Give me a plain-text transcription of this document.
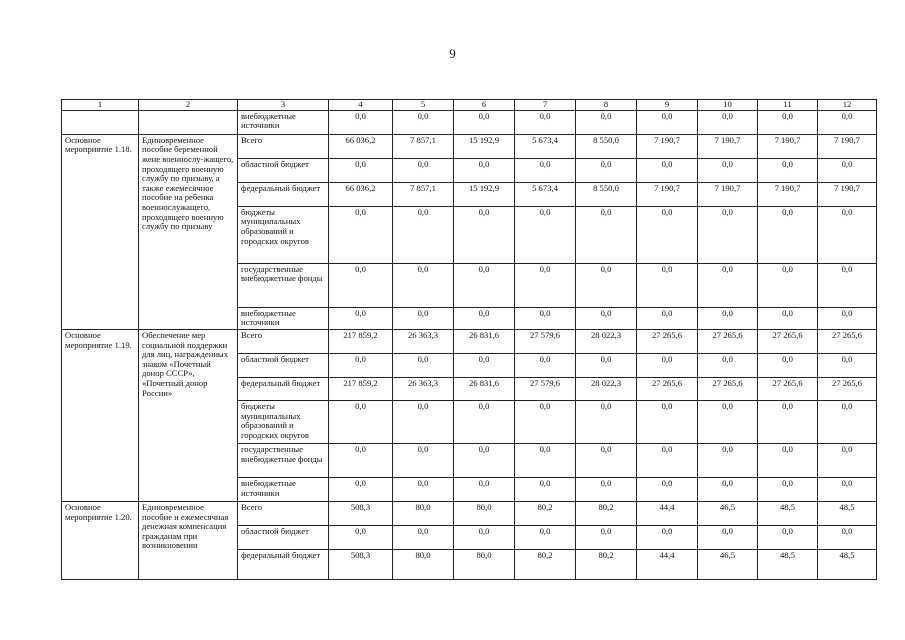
9
1	2	3	4	5	6	7	8	9	10	11	12
		внебюджетные источники	0,0	0,0	0,0	0,0	0,0	0,0	0,0	0,0	0,0
Основное мероприятие 1.18.	Единовременное пособие беременной жене военнослу-жащего, проходящего военную службу по призыву, а также ежемесячное пособие на ребенка военнослужащего, проходящего военную службу по призыву	Всего	66 036,2	7 857,1	15 192,9	5 673,4	8 550,0	7 190,7	7 190,7	7 190,7	7 190,7
		областной бюджет	0,0	0,0	0,0	0,0	0,0	0,0	0,0	0,0	0,0
		федеральный бюджет	66 036,2	7 857,1	15 192,9	5 673,4	8 550,0	7 190,7	7 190,7	7 190,7	7 190,7
		бюджеты муниципальных образований и городских округов	0,0	0,0	0,0	0,0	0,0	0,0	0,0	0,0	0,0
		государственные внебюджетные фонды	0,0	0,0	0,0	0,0	0,0	0,0	0,0	0,0	0,0
		внебюджетные источники	0,0	0,0	0,0	0,0	0,0	0,0	0,0	0,0	0,0
Основное мероприятие 1.19.	Обеспечение мер социальной поддержки для лиц, награжденных знаком «Почетный донор СССР», «Почетный донор России»	Всего	217 859,2	26 363,3	26 831,6	27 579,6	28 022,3	27 265,6	27 265,6	27 265,6	27 265,6
		областной бюджет	0,0	0,0	0,0	0,0	0,0	0,0	0,0	0,0	0,0
		федеральный бюджет	217 859,2	26 363,3	26 831,6	27 579,6	28 022,3	27 265,6	27 265,6	27 265,6	27 265,6
		бюджеты муниципальных образований и городских округов	0,0	0,0	0,0	0,0	0,0	0,0	0,0	0,0	0,0
		государственные внебюджетные фонды	0,0	0,0	0,0	0,0	0,0	0,0	0,0	0,0	0,0
		внебюджетные источники	0,0	0,0	0,0	0,0	0,0	0,0	0,0	0,0	0,0
Основное мероприятие 1.20.	Единовременное пособие и ежемесячная денежная компенсация гражданам при возникновении	Всего	508,3	80,0	80,0	80,2	80,2	44,4	46,5	48,5	48,5
		областной бюджет	0,0	0,0	0,0	0,0	0,0	0,0	0,0	0,0	0,0
		федеральный бюджет	508,3	80,0	80,0	80,2	80,2	44,4	46,5	48,5	48,5
